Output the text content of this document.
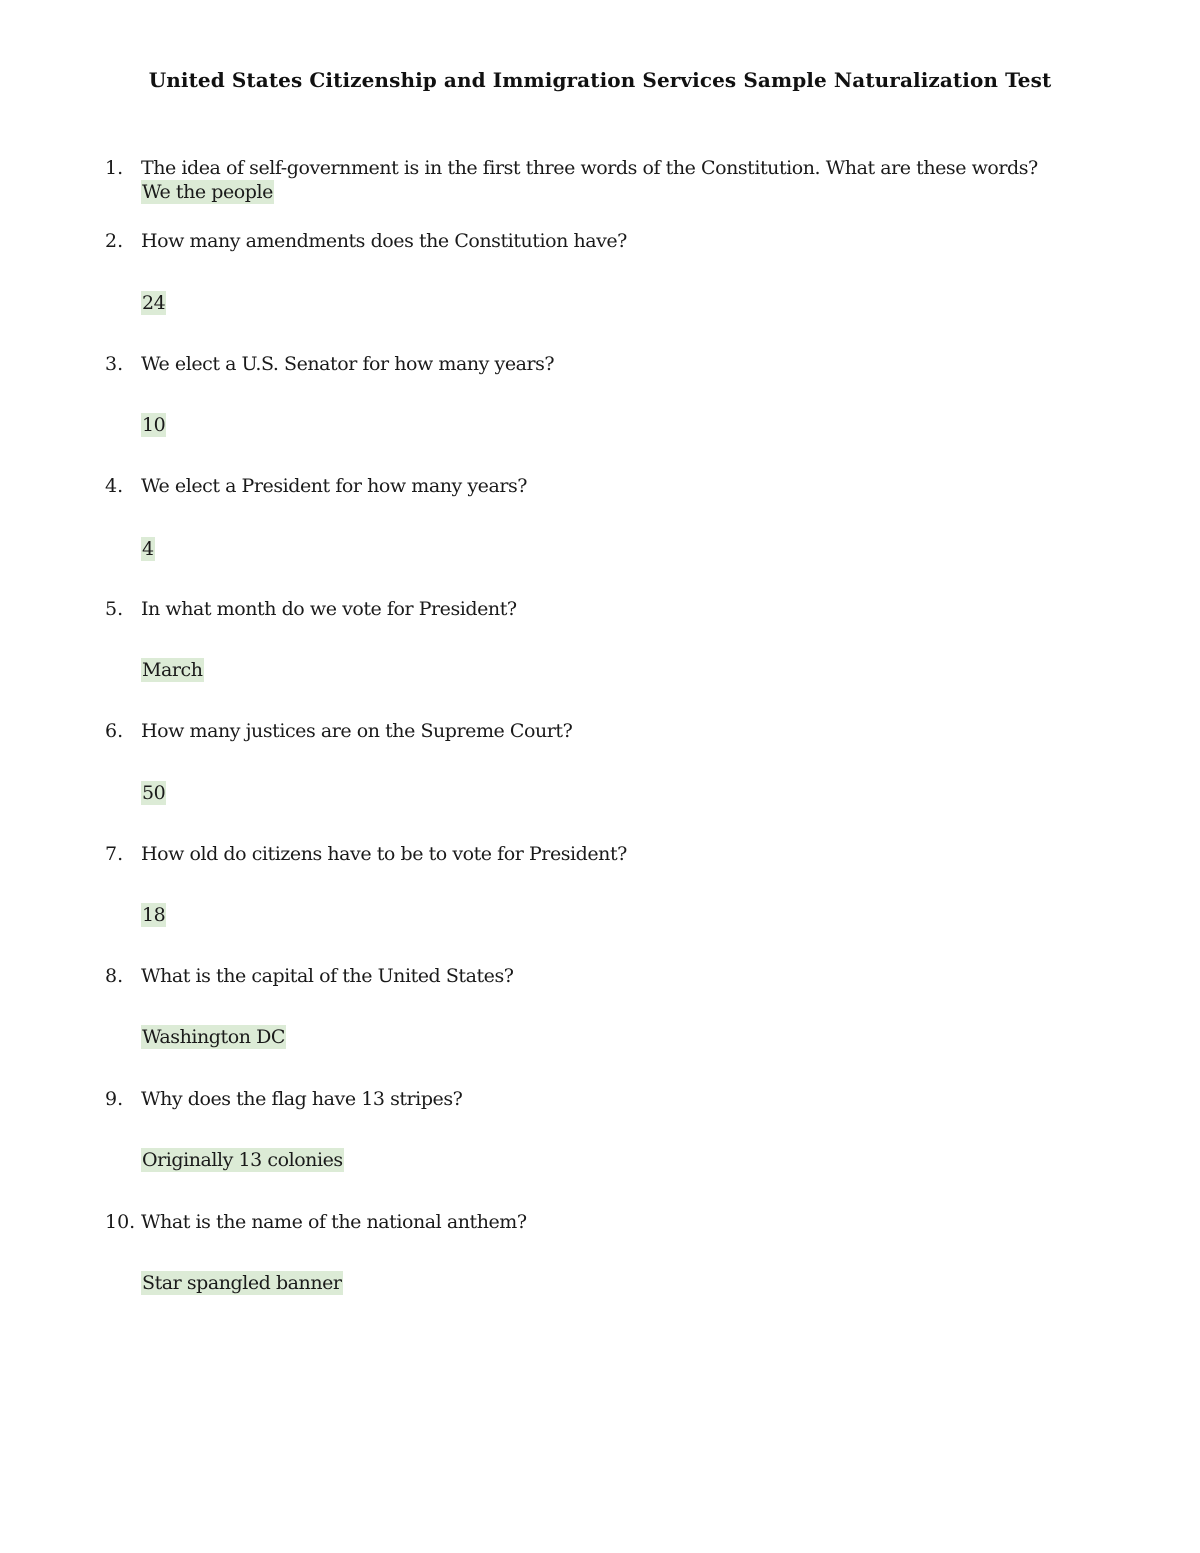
United States Citizenship and Immigration Services Sample Naturalization Test
1. The idea of self-government is in the first three words of the Constitution. What are these words?
We the people
2. How many amendments does the Constitution have?
24
3. We elect a U.S. Senator for how many years?
10
4. We elect a President for how many years?
4
5. In what month do we vote for President?
March
6. How many justices are on the Supreme Court?
50
7. How old do citizens have to be to vote for President?
18
8. What is the capital of the United States?
Washington DC
9. Why does the flag have 13 stripes?
Originally 13 colonies
10. What is the name of the national anthem?
Star spangled banner
